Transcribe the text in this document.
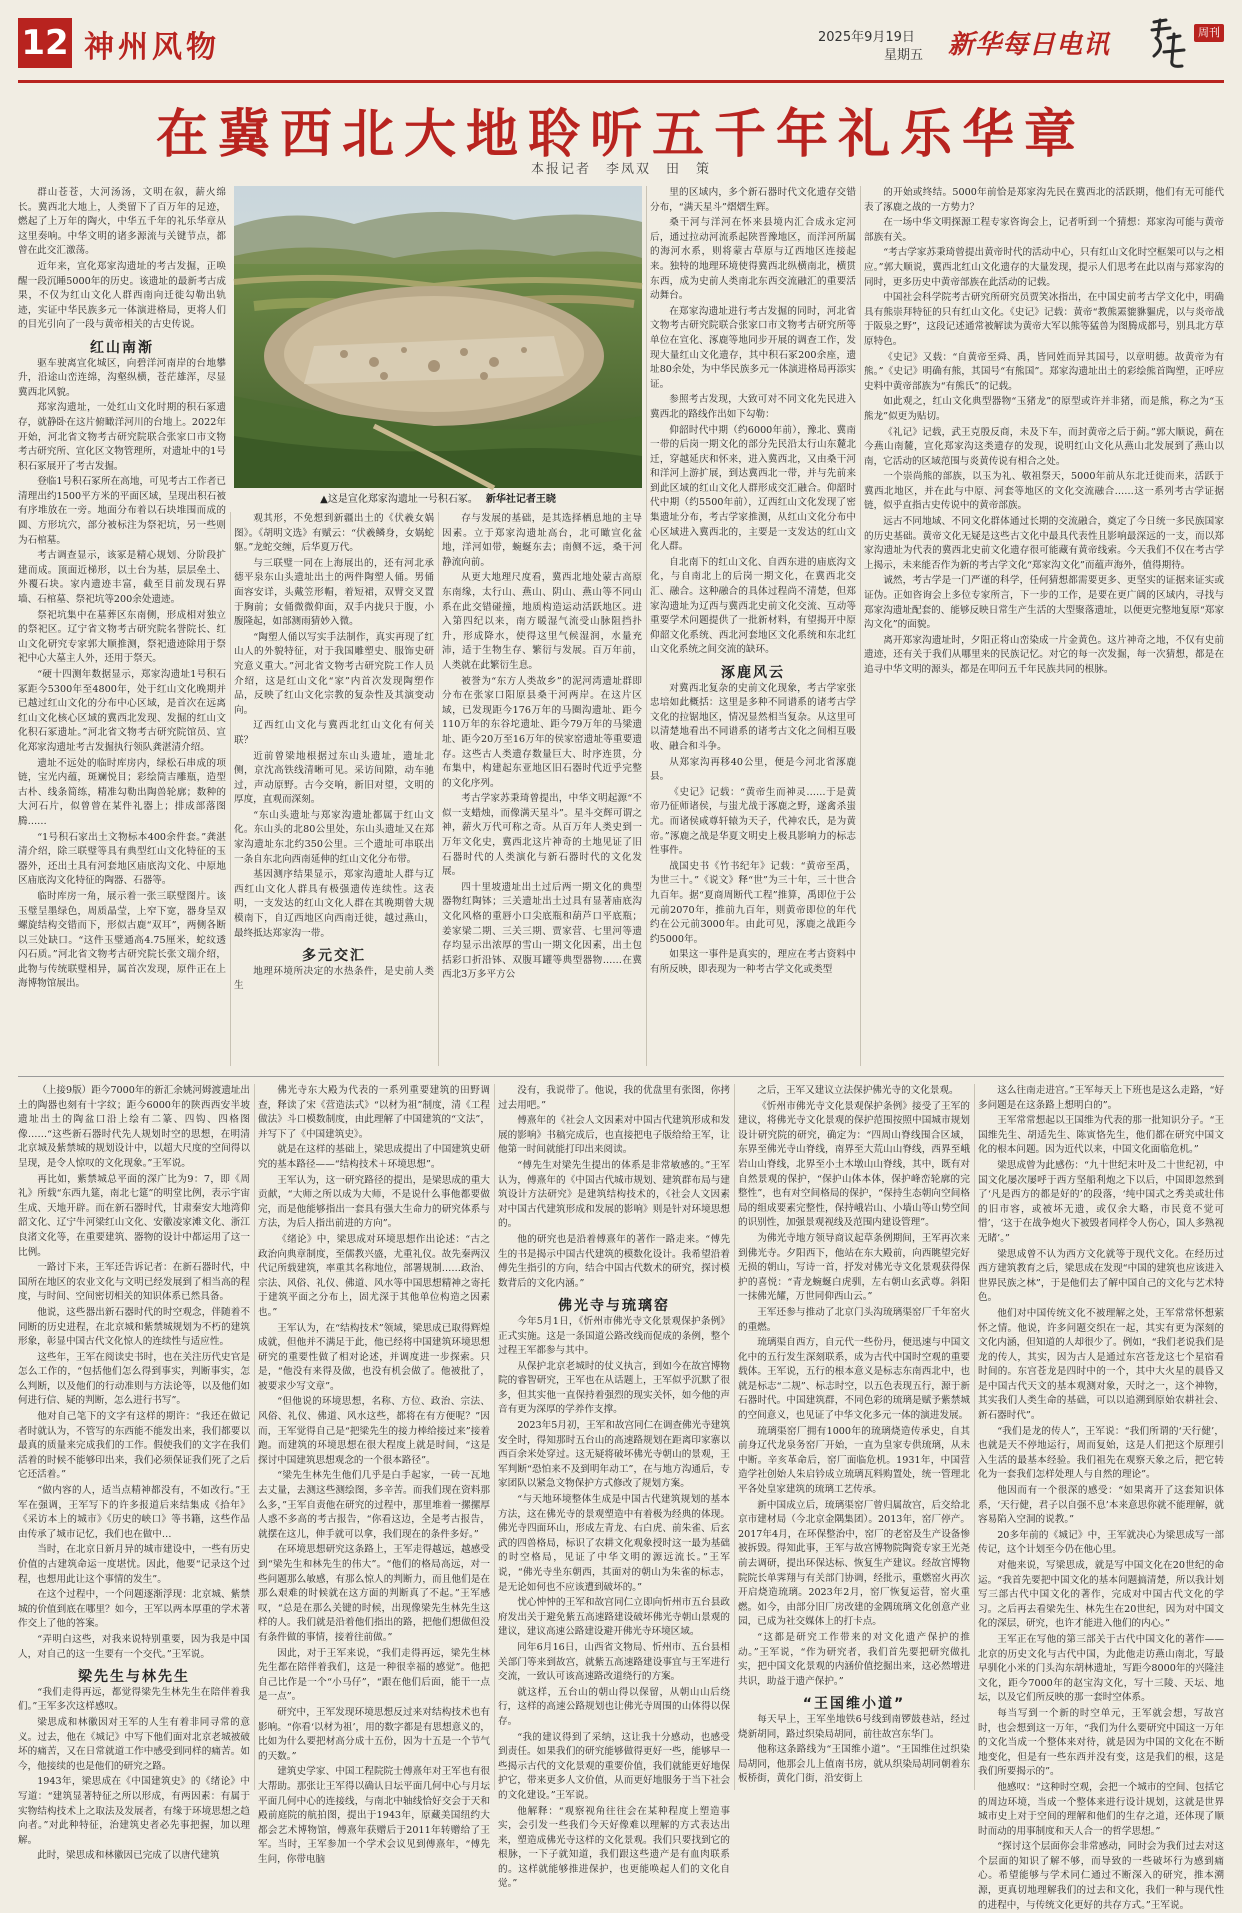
12 神州风物	2025年9月19日
星期五 新华每日电讯	周刊
在冀西北大地聆听五千年礼乐华章
本报记者　李凤双　田　策

群山苍苍，大河汤汤，文明在叙，薪火绵长。冀西北大地上，人类留下了百万年的足迹，燃起了上万年的陶火，中华五千年的礼乐华章从这里奏响。中华文明的诸多源流与关键节点，都曾在此交汇激荡。

近年来，宣化郑家沟遗址的考古发掘，正唤醒一段沉睡5000年的历史。该遗址的最新考古成果，不仅为红山文化人群西南向迁徙勾勒出轨迹，实证中华民族多元一体演进格局，更将人们的目光引向了一段与黄帝相关的古史传说。

红山南渐

驱车驶离宣化城区，向碧洋河南岸的台地攀升，沿途山峦连绵，沟壑纵横，苍茫雄浑，尽显冀西北风貌。

郑家沟遗址，一处红山文化时期的积石冢遗存，就静卧在这片俯瞰洋河川的台地上。2022年开始，河北省文物考古研究院联合张家口市文物考古研究所、宣化区文物管理所，对遗址中的1号积石冢展开了考古发掘。

登临1号积石冢所在高地，可见考古工作者已清理出约1500平方米的平面区域，呈现出积石被有序堆放在一旁。地面分布着以石块堆围而成的圆、方形坑穴，部分被标注为祭祀坑，另一些则为石棺墓。

考古调查显示，该冢是精心规划、分阶段扩建而成。顶面近梯形，以土台为基，层层垒土、外覆石块。家内遗迹丰富，截至目前发现石界墙、石棺墓、祭祀坑等200余处遗迹。

祭祀坑集中在墓葬区东南侧，形成相对独立的祭祀区。辽宁省文物考古研究院名誉院长、红山文化研究专家郭大顺推测，祭祀遗迹除用于祭祀中心大墓主人外，还用于祭天。

“硬十四测年数据显示，郑家沟遗址1号积石冢距今5300年至4800年，处于红山文化晚期并已越过红山文化的分布中心区域，是首次在远离红山文化核心区域的冀西北发现、发掘的红山文化积石冢遗址。”河北省文物考古研究院馆员、宣化郑家沟遗址考古发掘执行领队龚湛清介绍。

遗址不远处的临时库房内，绿松石串成的项链，宝光内蕴，斑斓悦目；彩绘筒吉雕瓶，造型古朴、线条简练，精准勾勒出陶兽轮廓；数种的大河石片，似曾曾在某件礼器上；排成部落图腾……

“1号积石家出土文物标本400余件套。”龚湛清介绍，除三联璧等具有典型红山文化特征的玉器外，还出土具有河套地区庙底沟文化、中原地区庙底沟文化特征的陶器、石器等。

临时库房一角，展示着一张三联璧图片。该玉璧呈墨绿色，周质晶莹，上窄下宽，器身呈双螺旋结构交错而下，形似古鹿“双耳”，两侧各断以三处缺口。“这件玉璧通高4.75厘米，蛇纹透闪石质。”河北省文物考古研究院长张文瑞介绍，此物与传统联璧相异，属首次发现，原件正在上海博物馆展出。

▲这是宣化郑家沟遗址一号积石冢。 新华社记者王晓

观其形，不免想到新疆出土的《伏羲女娲图》。《胡明文选》有赋云：“伏羲鳞身，女娲蛇躯。”龙蛇交缠，后华夏万代。

与三联璧一同在上海展出的，还有河北承德平泉东山头遗址出土的两件陶塑人俑。男俑面容安详，头戴笠形帽，着短裙，双臂交叉置于胸前；女俑微微仰面，双手内拢只于腹，小腹隆起，如部测雨猜妙入微。

“陶塑人俑以写实手法制作，真实再现了红山人的外貌特征，对于我国雕塑史、服饰史研究意义重大。”河北省文物考古研究院工作人员介绍，这是红山文化“家”内首次发现陶塑作品，反映了红山文化宗教的复杂性及其演变动向。

辽西红山文化与冀西北红山文化有何关联？

近前曾梁地根据过东山头遗址，遗址北侧，京沈高铁线清晰可见。采访间隙，动车驰过，声动原野。古今交响，新旧对望，文明的厚度，直观而深刻。

“东山头遗址与郑家沟遗址都属于红山文化。东山头的北80公里处，东山头遗址又在郑家沟遗址东北约350公里。三个遗址可串联出一条自东北向西南延伸的红山文化分布带。

基因测序结果显示，郑家沟遗址人群与辽西红山文化人群具有极强遗传连续性。这表明，一支发达的红山文化人群在其晚期曾大规模南下，自辽西地区向西南迁徙，越过燕山，最终抵达郑家沟一带。

多元交汇

地理环境所决定的水热条件，是史前人类生

存与发展的基础，是其选择栖息地的主导因素。立于郑家沟遗址高台，北可瞰宣化盆地，洋河如带，蜿蜒东去；南侧不远，桑干河静流向前。

从更大地理尺度看，冀西北地处蒙古高原东南缘，太行山、燕山、阴山、燕山等不同山系在此交错碰撞，地质构造运动活跃地区。进入第四纪以来，南方暖湿气流受山脉阻挡扑升，形成降水，使得这里气候湿润，水量充沛，适于生物生存、繁衍与发展。百万年前，人类就在此繁衍生息。

被誉为“东方人类故乡”的泥河湾遗址群即分布在张家口阳原县桑干河两岸。在这片区域，已发现距今176万年的马圈沟遗址、距今110万年的东谷坨遗址、距今79万年的马梁遗址、距今20万至16万年的侯家窑遗址等重要遗存。这些古人类遗存数量巨大、时序连贯，分布集中，构建起东亚地区旧石器时代近乎完整的文化序列。

考古学家苏秉琦曾提出，中华文明起源“不似一支蜡烛，而像满天星斗”。星斗交辉可谓之神，薪火万代可称之奇。从百万年人类史到一万年文化史，冀西北这片神奇的土地见证了旧石器时代的人类演化与新石器时代的文化发展。

四十里坡遗址出土过后两一期文化的典型器物红陶钵；三关遗址出土过具有显著庙底沟文化风格的重唇小口尖底瓶和葫芦口平底瓶；姜家梁二期、三关三期、贾家营、七里河等遗存均显示出浓厚的雪山一期文化因素，出土包括彩口折沿钵、双腹耳罐等典型器物……在冀西北3万多平方公

里的区域内，多个新石器时代文化遗存交错分布，“满天星斗”熠熠生辉。

桑干河与洋河在怀来县境内汇合成永定河后，通过拉动河流系起陕晋豫地区，而洋河所属的海河水系，则将蒙古草原与辽西地区连接起来。独特的地理环境使得冀西北纵横南北，横贯东西，成为史前人类南北东西交流融汇的重要活动舞台。

在郑家沟遗址进行考古发掘的同时，河北省文物考古研究院联合张家口市文物考古研究所等单位在宣化、涿鹿等地同步开展的调查工作，发现大量红山文化遗存，其中积石冢200余座，遗址80余处，为中华民族多元一体演进格局再添实证。

参照考古发现，大致可对不同文化先民进入冀西北的路线作出如下勾勒：

仰韶时代中期（约6000年前），豫北、冀南一带的后岗一期文化的部分先民沿太行山东麓北迁，穿越延庆和怀来，进入冀西北，又由桑干河和洋河上游扩展，到达冀西北一带，并与先前来到此区域的红山文化人群形成交汇融合。仰韶时代中期（约5500年前），辽西红山文化发现了密集遗址分布，考古学家推测，从红山文化分布中心区域进入冀西北的，主要是一支发达的红山文化人群。

自北南下的红山文化、自西东进的庙底沟文化，与自南北上的后岗一期文化，在冀西北交汇、融合。这种融合的具体过程尚不清楚，但郑家沟遗址为辽西与冀西北史前文化交流、互动等重要学术问题提供了一批新材料，有望揭开中原仰韶文化系统、西北河套地区文化系统和东北红山文化系统之间交流的缺环。

涿鹿风云

对冀西北复杂的史前文化现象，考古学家张忠培如此概括：这里是多种不同谱系的诸考古学文化的拉锯地区，情况显然相当复杂。从这里可以清楚地看出不同谱系的诸考古文化之间相互吸收、融合和斗争。

从郑家沟再移40公里，便是今河北省涿鹿县。

《史记》记载：“黄帝生而神灵……于是黄帝乃征师诸侯，与蚩尤战于涿鹿之野，遂禽杀蚩尤。而诸侯咸尊轩辕为天子，代神农氏，是为黄帝。”涿鹿之战是华夏文明史上极具影响力的标志性事件。

战国史书《竹书纪年》记载：“黄帝至禹，为世三十。”《说文》释“世”为三十年，三十世合九百年。据“夏商周断代工程”推算，禹即位于公元前2070年，推前九百年，则黄帝即位的年代约在公元前3000年。由此可见，涿鹿之战距今约5000年。

如果这一事件是真实的，理应在考古资料中有所反映，即表现为一种考古学文化或类型

的开始或终结。5000年前恰是郑家沟先民在冀西北的活跃期，他们有无可能代表了涿鹿之战的一方势力？

在一场中华文明探源工程专家咨询会上，记者听到一个猜想：郑家沟可能与黄帝部族有关。

“考古学家苏秉琦曾提出黄帝时代的活动中心，只有红山文化时空框架可以与之相应。”郭大顺说，冀西北红山文化遗存的大量发现，提示人们思考在此以南与郑家沟的同时，更多历史中黄帝部族在此活动的记载。

中国社会科学院考古研究所研究员贾笑冰指出，在中国史前考古学文化中，明确具有熊崇拜特征的只有红山文化。《史记》记载：黄帝“教熊罴貔貅貙虎，以与炎帝战于阪泉之野”，这段记述通常被解读为黄帝大军以熊等猛兽为图腾成都号，别具北方草原特色。

《史记》又载：“自黄帝至舜、禹，皆同姓而异其国号，以章明德。故黄帝为有熊。”《史记》明确有熊，其国号“有熊国”。郑家沟遗址出土的彩绘熊首陶塑，正呼应史料中黄帝部族为“有熊氏”的记载。

如此观之，红山文化典型器物“玉猪龙”的原型或许并非猪，而是熊，称之为“玉熊龙”似更为贴切。

《礼记》记载，武王克殷反商，未及下车，而封黄帝之后于蓟。”郭大顺说，蓟在今燕山南麓，宣化郑家沟这类遗存的发现，说明红山文化从燕山北发展到了燕山以南，它活动的区域范围与炎黄传说有相合之处。

一个崇尚熊的部族，以玉为礼、敬祖祭天，5000年前从东北迁徙而来，活跃于冀西北地区，并在此与中原、河套等地区的文化交流融合……这一系列考古学证据链，似乎直指古史传说中的黄帝部族。

远古不同地域、不同文化群体通过长期的交流融合，奠定了今日统一多民族国家的历史基础。黄帝文化无疑是这些古文化中最具代表性且影响最深远的一支，而以郑家沟遗址为代表的冀西北史前文化遗存很可能藏有黄帝线索。今天我们不仅在考古学上揭示，未来能否作为新的考古学文化“郑家沟文化”而蕴声海外，值得期待。

诚然，考古学是一门严谨的科学，任何猜想都需要更多、更坚实的证据来证实或证伪。正如咨询会上多位专家所言，下一步的工作，是要在更广阔的区域内，寻找与郑家沟遗址配套的、能够反映日常生产生活的大型聚落遗址，以便更完整地复原“郑家沟文化”的面貌。

离开郑家沟遗址时，夕阳正将山峦染成一片金黄色。这片神奇之地，不仅有史前遗迹，还有关于我们从哪里来的民族记忆。对它的每一次发掘，每一次猜想，都是在追寻中华文明的源头，都是在叩问五千年民族共同的根脉。

（上接9版）距今7000年的新汇余姚河姆渡遗址出土的陶器也刻有十字纹；距今6000年的陕西西安半坡遗址出土的陶盆口沿上绘有二篆、四钩、四格图像……“这些新石器时代先人规划时空的思想，在明清北京城及紫禁城的规划设计中，以超大尺度的空间得以呈现，是令人惊叹的文化现象。”王军说。

再比如，紫禁城总平面的深广比为9：7，即《周礼》所载“东西九筵，南北七筵”的明堂比例，表示宇宙生成、天地开辟。而在新石器时代，甘肃秦安大地湾仰韶文化、辽宁牛河梁红山文化、安徽凌家滩文化、浙江良渚文化等，在重要建筑、器物的设计中都运用了这一比例。

一路讨下来，王军还告诉记者：在新石器时代，中国所在地区的农业文化与文明已经发展到了相当高的程度，与时间、空间密切相关的知识体系已然具备。

他说，这些器出新石器时代的时空观念，伴随着不同断的历史进程，在北京城和紫禁城规划为不朽的建筑形象，彰显中国古代文化惊人的连续性与适应性。

这些年，王军在阅读史书时，也在关注历代史官是怎么工作的，“包括他们怎么得到事实，判断事实，怎么判断，以及他们的行动准则与方法论等，以及他们如何进行信、疑的判断，怎么进行书写”。

他对自己笔下的文字有这样的期许：“我还在做记者时就认为，不管写的东西能不能发出来，我们都要以最真的质量来完成我们的工作。假使我们的文字在我们活着的时候不能够印出来，我们必须保证我们死了之后它还活着。”

“做内容的人，适当点精神都没有，不如改行。”王军在强调，王军写下的许多报道后来结集成《拾年》《采访本上的城市》《历史的峡口》等书籍，这些作品由传承了城市记忆，我们也在做中…

当时，在北京日新月异的城市建设中，一些有历史价值的古建筑命运一度堪忧。因此，他要“记录这个过程，也想用此让这个事情的发生”。

在这个过程中，一个问题逐渐浮现：北京城、紫禁城的价值到底在哪里？如今，王军以两本厚重的学术著作交上了他的答案。

“弄明白这些，对我来说特别重要，因为我是中国人，对自己的这一生要有一个交代。”王军说。

梁先生与林先生

“我们走得再远，都觉得梁先生林先生在陪伴着我们。”王军多次这样感叹。

梁思成和林徽因对王军的人生有着非同寻常的意义。过去，他在《城记》中写下他们面对北京老城被破坏的痛苦，又在日常就道工作中感受到同样的痛苦。如今，他接续的也是他们的研究之路。

1943年，梁思成在《中国建筑史》的《绪论》中写道：“建筑显著特征之所以形成，有两因素：有属于实物结构技术上之取法及发展者，有缘于环境思想之趋向者。”对此种特征，治建筑史者必先事把握，加以理解。

此时，梁思成和林徽因已完成了以唐代建筑

佛光寺东大殿为代表的一系列重要建筑的田野调查，释读了宋《营造法式》“以材为祖”制度，清《工程做法》斗口模数制度，由此理解了中国建筑的“文法”，并写下了《中国建筑史》。

就是在这样的基础上，梁思成提出了中国建筑史研究的基本路径——“结构技术＋环境思想”。

王军认为，这一研究路径的提出，是梁思成的重大贡献，“大师之所以成为大师，不是说什么事他都要做完，而是他能够指出一套具有强大生命力的研究体系与方法，为后人指出前进的方向”。

《绪论》中，梁思成对环境思想作出论述：“古之政治向典章制度，至儒教兴盛，尤重礼仪。故先秦两汉代记所载建筑，率重其名称地位，部署规制……政治、宗法、风俗、礼仪、佛道、风水等中国思想精神之寄托于建筑平面之分布上，固尤深于其他单位构造之因素也。”

王军认为，在“结构技术”领域，梁思成已取得辉煌成就，但他并不满足于此，他已经将中国建筑环境思想研究的重要性做了相对论述，并调度进一步探索。只是，“他没有来得及做，也没有机会做了。他被批了，被要求少写文章”。

“但他说的环境思想，名称、方位、政治、宗法、风俗、礼仪、佛道、风水这些，都将在有方便呢？”因而，王军觉得自己是“把梁先生的接力棒给接过来”接着跑。而建筑的环境思想在很大程度上就是时间，“这是探讨中国建筑思想观念的一个很本路径”。

“梁先生林先生他们几乎是白手起家，一砖一瓦地去丈量，去测这些测绘图，多辛苦。而我们现在资料那么多，”王军自责他在研究的过程中，那里堆着一摞摞厚人惑不多高的考古报告，“你看这边，全是考古报告，就摆在这儿，伸手就可以拿，我们现在的条件多好。”

在环境思想研究这条路上，王军走得越远，越感受到“梁先生和林先生的伟大”。“他们的格局高远，对一些问题那么敏感，有那么惊人的判断力，而且他们是在那么艰难的时候就在这方面的判断真了不起。”王军感叹，“总是在那么关键的时候，出现像梁先生林先生这样的人。我们就是沿着他们指出的路，把他们想做但没有条件做的事情，接着往前做。”

因此，对于王军来说，“我们走得再远，梁先生林先生都在陪伴着我们，这是一种很幸福的感觉”。他把自己比作是一个“小马仔”，“跟在他们后面，能干一点是一点”。

研究中，王军发现环境思想反过来对结构技术也有影响。“你看‘以材为祖’，用的数字都是有思想意义的，比如为什么要把材高分成十五份，因为十五是一个节气的天数。”

建筑史学家、中国工程院院士傅熹年对王军也有很大帮助。那张让王军得以确认日坛平面几何中心与月坛平面几何中心的连接线，与南北中轴线恰好交会于天和殿前庭院的航拍图，提出于1943年，原藏美国纽约大都会艺术博物馆，傅熹年获赠后于2011年转赠给了王军。当时，王军参加一个学术会议见到傅熹年，“傅先生问，你带电脑

没有，我说带了。他说，我的优盘里有张图，你拷过去用吧。”

傅熹年的《社会人文因素对中国古代建筑形成和发展的影响》书稿完成后，也直接把电子版给给王军，让他第一时间就能打印出来阅读。

“傅先生对梁先生提出的体系是非常敏感的。”王军认为，傅熹年的《中国古代城市规划、建筑群布局与建筑设计方法研究》是建筑结构技术的，《社会人文因素对中国古代建筑形成和发展的影响》则是针对环境思想的。

他的研究也是沿着傅熹年的著作一路走来。“傅先生的书是揭示中国古代建筑的模数化设计。我希望沿着傅先生指引的方向，结合中国古代数术的研究，探讨模数背后的文化内涵。”

佛光寺与琉璃窑

今年5月1日，《忻州市佛光寺文化景观保护条例》正式实施。这是一条国道公路改线而促成的条例，整个过程王军都参与其中。

从保护北京老城时的仗义执言，到如今在故宫博物院的睿智研究，王军也在从话题上，王军似乎沉默了很多，但其实他一直保持着强烈的现实关怀，如今他的声音有更为深厚的学养作支撑。

2023年5月初，王军和故宫同仁在调查佛光寺建筑安全时，得知那时五台山的高速路规划在距离印家寨以西百余米处穿过。这无疑将破坏佛光寺朝山的景观，王军判断“恐怕来不及到明年动工”，在与地方沟通后，专家团队以紧急文物保护方式修改了规划方案。

“与天地环境整体生成是中国古代建筑规划的基本方法，这在佛光寺的景观塑造中有着极为经典的体现。佛光寺四面环山，形成左青龙、右白虎、前朱雀、后玄武的四兽格局，标识了农耕文化观象授时这一最为基础的时空格局，见证了中华文明的源远流长。”王军说，“佛光寺坐东朝西，其面对的朝山为朱雀的标志，是无论如何也不应该遭到破坏的。”

忧心忡忡的王军和故宫同仁立即向忻州市五台县政府发出关于避免紫五高速路建设破坏佛光寺朝山景观的建议，建议高速公路建设避开佛光寺环境区域。

同年6月16日，山西省文物局、忻州市、五台县相关部门等来到故宫，就紫五高速路建设事宜与王军进行交流，一致认可该高速路改道绕行的方案。

就这样，五台山的朝山得以保留，从朝山山后绕行，这样的高速公路规划也让佛光寺周围的山体得以保存。

“我的建议得到了采纳，这让我十分感动，也感受到责任。如果我们的研究能够做得更好一些，能够早一些揭示古代的文化景观的重要价值，我们就能更好地保护它，带来更多人文价值，从而更好地服务于当下社会的文化建设。”王军说。

他解释：“观察视角往往会在某种程度上塑造事实，会引发一些我们今天好像难以理解的方式表达出来，塑造成佛光寺这样的文化景观。我们只要找到它的根脉，一下子就知道，我们跟这些遗产是有血肉联系的。这样就能够推进保护，也更能唤起人们的文化自觉。”

之后，王军又建议立法保护佛光寺的文化景观。

《忻州市佛光寺文化景观保护条例》接受了王军的建议，将佛光寺文化景观的保护范围按照中国城市规划设计研究院的研究，确定为：“四周山脊线围合区域，东界至佛光寺山脊线，南界至大荒山山脊线，西界至峨岩山山脊线，北界至小土木墩山山脊线，其中，既有对自然景观的保护，“保护山体本体，保护峰峦轮廓的完整性”，也有对空间格局的保护，“保持生态朝向空间格局的组成要素完整性，保持峨岩山、小墙山等山势空间的识别性，加强景观视线及范围内建设管理”。

为佛光寺地方领导商议起草条例期间，王军再次来到佛光寺。夕阳西下，他站在东大殿前，向西眺望完好无损的朝山，写诗一首，抒发对佛光寺文化景观获得保护的喜悦：“青龙蜿蜒白虎驯，左右朝山玄武尊。斜阳一抹佛光耀，万世同仰西山云。”

王军还参与推动了北京门头沟琉璃渠窑厂千年窑火的重燃。

琉璃渠自西方，自元代一些份丹，便迅速与中国文化中的五行发生深刻联系，成为古代中国时空观的重要载体。王军说，五行的根本意义是标志东南西北中，也就是标志“二规”、标志时空，以五色表现五行，源于新石器时代。中国建筑群，不同色彩的琉璃是赋予紫禁城的空间意义，也见证了中华文化多元一体的演进发展。

琉璃渠窑厂拥有1000年的琉璃烧造传承史，自其前身辽代龙泉务窑厂开始，一直为皇家专供琉璃，从未中断。辛亥革命后，窑厂面临危机。1931年，中国营造学社创始人朱启钤成立琉璃瓦料购置处，统一管理北平各处皇家建筑的琉璃工艺传承。

新中国成立后，琉璃渠窑厂曾归属故宫，后交给北京市建材局（今北京金隅集团）。2013年，窑厂停产。2017年4月，在环保整治中，窑厂的老窑及生产设备惨被拆毁。得知此事，王军与故宫博物院陶瓷专家王光尧前去调研，提出环保达标、恢复生产建议。经故宫博物院院长单霁翔与有关部门协调，经批示，重燃窑火再次开启烧造琉璃。2023年2月，窑厂恢复运营，窑火重燃。如今，由部分旧厂房改建的金隅琉璃文化创意产业园，已成为社交媒体上的打卡点。

“这都是研究工作带来的对文化遗产保护的推动。”王军说，“作为研究者，我们首先要把研究做扎实，把中国文化景观的内涵价值挖掘出来，这必然增进共识，助益于遗产保护。”

“王国维小道”

每天早上，王军坐地铁6号线到南锣鼓巷站，经过烧新胡同，路过织染局胡同，前往故宫东华门。

他称这条路线为“王国维小道”。“王国维住过织染局胡同，他那会儿上值南书房，就从织染局胡同朝着东板桥街，黄化门街，沿安街上

这么往南走进宫。”王军每天上下班也是这么走路，“好多问题是在这条路上想明白的”。

王军常常想起以王国维为代表的那一批知识分子。“王国维先生、胡适先生、陈寅恪先生，他们都在研究中国文化的根本问题。因为近代以来，中国文化面临危机。”

梁思成曾为此感伤：“九十世纪末叶及二十世纪初，中国文化屡次屡呼于西方坚船利炮之下以后，中国即忽然到了‘凡是西方的都是好的’的段落，‘纯中国式之秀美或壮伟的旧市容，或被坏无遗，或仅余大略，市民竟不觉可惜’，‘这于在战争炮火下被毁者同样令人伤心，国人多熟视无睹’。”

梁思成曾不认为西方文化就等于现代文化。在经历过西方建筑教育之后，梁思成在发现“中国的建筑也应该进入世界民族之林”，于是他们去了解中国自己的文化与艺术特色。

他们对中国传统文化不被理解之处，王军常常怀想萦怀之情。他说，许多问题交织在一起，其实有更为深刻的文化内涵，但知道的人却很少了。例如，“我们老说我们是龙的传人，其实，因为古人是通过东宫苍龙这七个星宿看时间的。东宫苍龙是四时中的一个，其中大火星的晨昏又是中国古代天文的基本观测对象，天时之一，这个神物，其实我们人类生命的基础，可以以追溯到原始农耕社会、新石器时代”。

“我们是龙的传人”，王军说：“我们所谓的‘天行健’，也就是天不停地运行，周而复始，这是人们把这个原理引入生活的最基本经验。我们祖先在观察天象之后，把它转化为一套我们怎样处理人与自然的理论”。

他因而有一个很深的感受：“如果离开了这套知识体系，‘天行健，君子以自强不息’本来意思你就不能理解，就容易陷入空洞的说教。”

20多年前的《城记》中，王军就决心为梁思成写一部传记，这个计划至今仍在他心里。

对他来说，写梁思成，就是写中国文化在20世纪的命运。“我首先要把中国文化的基本问题搞清楚，所以我计划写三部古代中国文化的著作，完成对中国古代文化的学习。之后再去看梁先生、林先生在20世纪，因为对中国文化的深层，研究，也许才能进入他们的内心。”

王军正在写他的第三部关于古代中国文化的著作——北京的历史文化与古代中国，为此他走访燕山南北，写最早驯化小米的门头沟东胡林遗址，写距今8000年的兴隆洼文化，距今7000年的赵宝沟文化，写十三陵、天坛、地坛，以及它们所反映的那一套时空体系。

每当写到一个新的时空单元，王军就会想，写故宫时，也会想到这一万年，“我们为什么要研究中国这一万年的文化当成一个整体来对待，就是因为中国的文化在不断地变化，但是有一些东西并没有变，这是我们的根，这是我们所要揭示的”。

他感叹：“这种时空观，会把一个城市的空间、包括它的周边环境，当成一个整体来进行设计规划，这就是世界城市史上对于空间的理解和他们的生存之道，还体现了顺时而动的用事制度和天人合一的哲学思想。”

“探讨这个层面你会非常感动，同时会为我们过去对这个层面的知识了解不够，而导致的一些破坏行为感到痛心。希望能够与学术同仁通过不断深入的研究，推本溯源，更真切地理解我们的过去和文化，我们一种与现代性的进程中，与传统文化更好的共存方式。”王军说。
